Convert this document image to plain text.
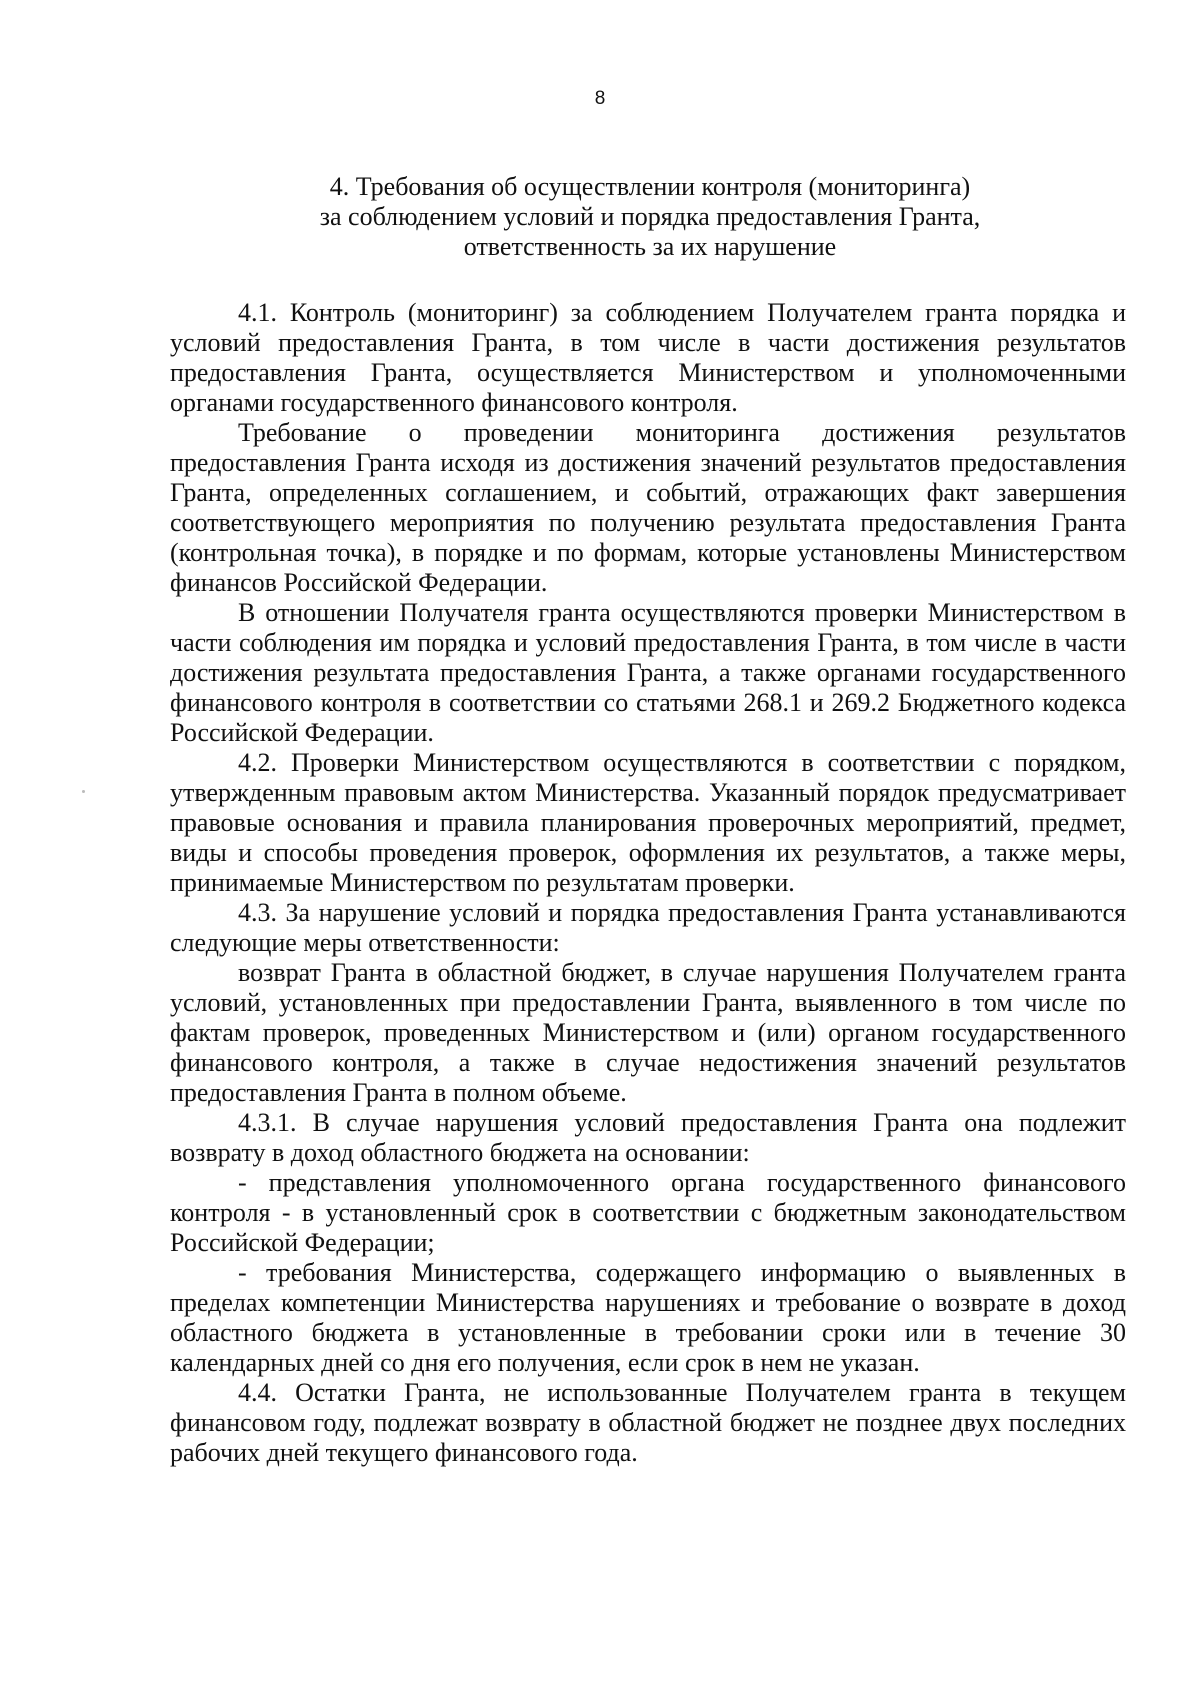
8
4. Требования об осуществлении контроля (мониторинга)
за соблюдением условий и порядка предоставления Гранта,
ответственность за их нарушение

4.1. Контроль (мониторинг) за соблюдением Получателем гранта порядка и условий предоставления Гранта, в том числе в части достижения результатов предоставления Гранта, осуществляется Министерством и уполномоченными органами государственного финансового контроля.

Требование о проведении мониторинга достижения результатов предоставления Гранта исходя из достижения значений результатов предоставления Гранта, определенных соглашением, и событий, отражающих факт завершения соответствующего мероприятия по получению результата предоставления Гранта (контрольная точка), в порядке и по формам, которые установлены Министерством финансов Российской Федерации.

В отношении Получателя гранта осуществляются проверки Министерством в части соблюдения им порядка и условий предоставления Гранта, в том числе в части достижения результата предоставления Гранта, а также органами государственного финансового контроля в соответствии со статьями 268.1 и 269.2 Бюджетного кодекса Российской Федерации.

4.2. Проверки Министерством осуществляются в соответствии с порядком, утвержденным правовым актом Министерства. Указанный порядок предусматривает правовые основания и правила планирования проверочных мероприятий, предмет, виды и способы проведения проверок, оформления их результатов, а также меры, принимаемые Министерством по результатам проверки.

4.3. За нарушение условий и порядка предоставления Гранта устанавливаются следующие меры ответственности:

возврат Гранта в областной бюджет, в случае нарушения Получателем гранта условий, установленных при предоставлении Гранта, выявленного в том числе по фактам проверок, проведенных Министерством и (или) органом государственного финансового контроля, а также в случае недостижения значений результатов предоставления Гранта в полном объеме.

4.3.1. В случае нарушения условий предоставления Гранта она подлежит возврату в доход областного бюджета на основании:

- представления уполномоченного органа государственного финансового контроля - в установленный срок в соответствии с бюджетным законодательством Российской Федерации;

- требования Министерства, содержащего информацию о выявленных в пределах компетенции Министерства нарушениях и требование о возврате в доход областного бюджета в установленные в требовании сроки или в течение 30 календарных дней со дня его получения, если срок в нем не указан.

4.4. Остатки Гранта, не использованные Получателем гранта в текущем финансовом году, подлежат возврату в областной бюджет не позднее двух последних рабочих дней текущего финансового года.
